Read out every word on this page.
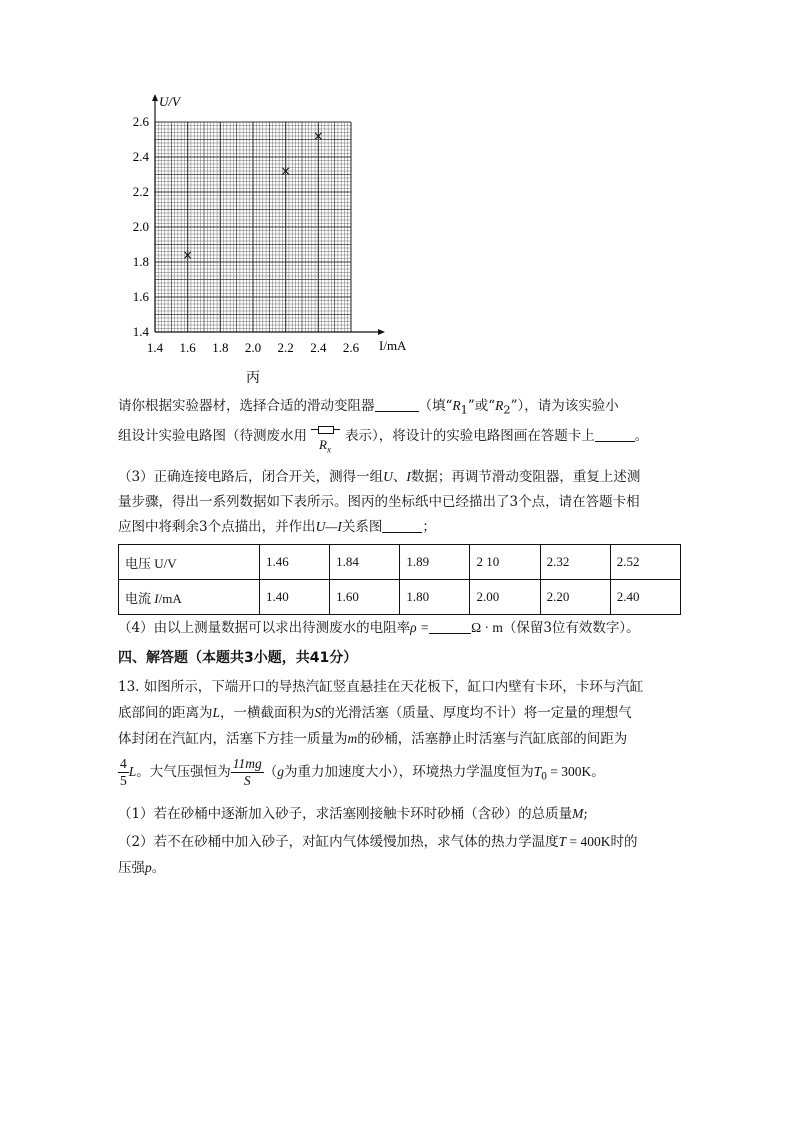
1.4 1.6 1.8 2.0 2.2 2.4 2.6
1.4
1.6
1.8
2.0
2.2
2.4
2.6
U/V
I/mA
×
×
×
丙
请你根据实验器材，选择合适的滑动变阻器	（填“$R_1$”或“$R_2$”），请为该实验小
组设计实验电路图（待测废水用
$R_x$
表示），将设计的实验电路图画在答题卡上	。
（3）正确连接电路后，闭合开关，测得一组U、I数据；再调节滑动变阻器，重复上述测
量步骤，得出一系列数据如下表所示。图丙的坐标纸中已经描出了3个点，请在答题卡相
应图中将剩余3个点描出，并作出U—I关系图	；
电压 U/V	1.46	1.84	1.89	2 10	2.32	2.52
电流 I/mA	1.40	1.60	1.80	2.00	2.20	2.40
（4）由以上测量数据可以求出待测废水的电阻率ρ =	Ω · m（保留3位有效数字）。
四、解答题（本题共3小题，共41分）
13. 如图所示，下端开口的导热汽缸竖直悬挂在天花板下，缸口内壁有卡环，卡环与汽缸
底部间的距离为L，一横截面积为S的光滑活塞（质量、厚度均不计）将一定量的理想气
体封闭在汽缸内，活塞下方挂一质量为m的砂桶，活塞静止时活塞与汽缸底部的间距为
$\frac{4}{5}$ L。大气压强恒为 $\frac{11mg}{S} (g$为重力加速度大小），环境热力学温度恒为$T_0 = 300K$。
（1）若在砂桶中逐渐加入砂子，求活塞刚接触卡环时砂桶（含砂）的总质量M;
（2）若不在砂桶中加入砂子，对缸内气体缓慢加热，求气体的热力学温度T = 400K时的
压强p。
